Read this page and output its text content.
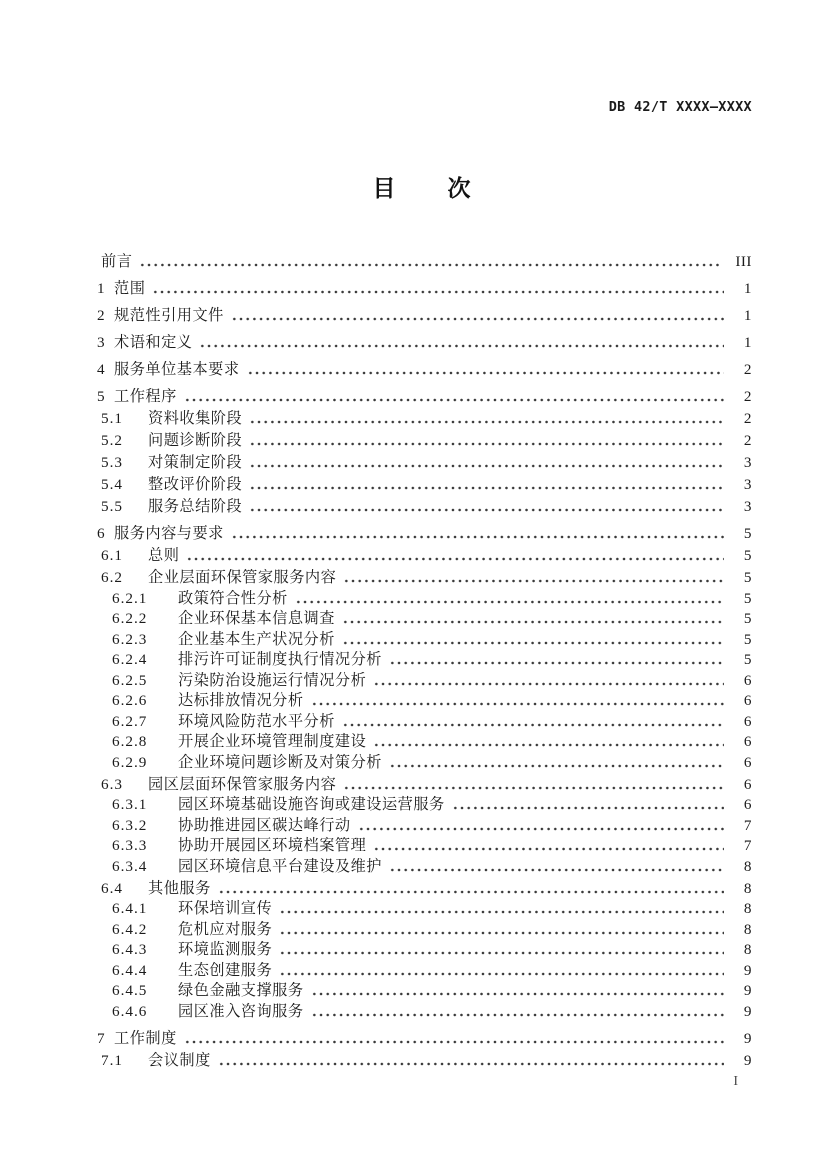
DB 42/T XXXX—XXXX
目　　次
前言	III
1 范围	1
2 规范性引用文件	1
3 术语和定义	1
4 服务单位基本要求	2
5 工作程序	2
5.1	资料收集阶段	2
5.2	问题诊断阶段	2
5.3	对策制定阶段	3
5.4	整改评价阶段	3
5.5	服务总结阶段	3
6 服务内容与要求	5
6.1	总则	5
6.2	企业层面环保管家服务内容	5
6.2.1	政策符合性分析	5
6.2.2	企业环保基本信息调查	5
6.2.3	企业基本生产状况分析	5
6.2.4	排污许可证制度执行情况分析	5
6.2.5	污染防治设施运行情况分析	6
6.2.6	达标排放情况分析	6
6.2.7	环境风险防范水平分析	6
6.2.8	开展企业环境管理制度建设	6
6.2.9	企业环境问题诊断及对策分析	6
6.3	园区层面环保管家服务内容	6
6.3.1	园区环境基础设施咨询或建设运营服务	6
6.3.2	协助推进园区碳达峰行动	7
6.3.3	协助开展园区环境档案管理	7
6.3.4	园区环境信息平台建设及维护	8
6.4	其他服务	8
6.4.1	环保培训宣传	8
6.4.2	危机应对服务	8
6.4.3	环境监测服务	8
6.4.4	生态创建服务	9
6.4.5	绿色金融支撑服务	9
6.4.6	园区准入咨询服务	9
7 工作制度	9
7.1	会议制度	9
I
